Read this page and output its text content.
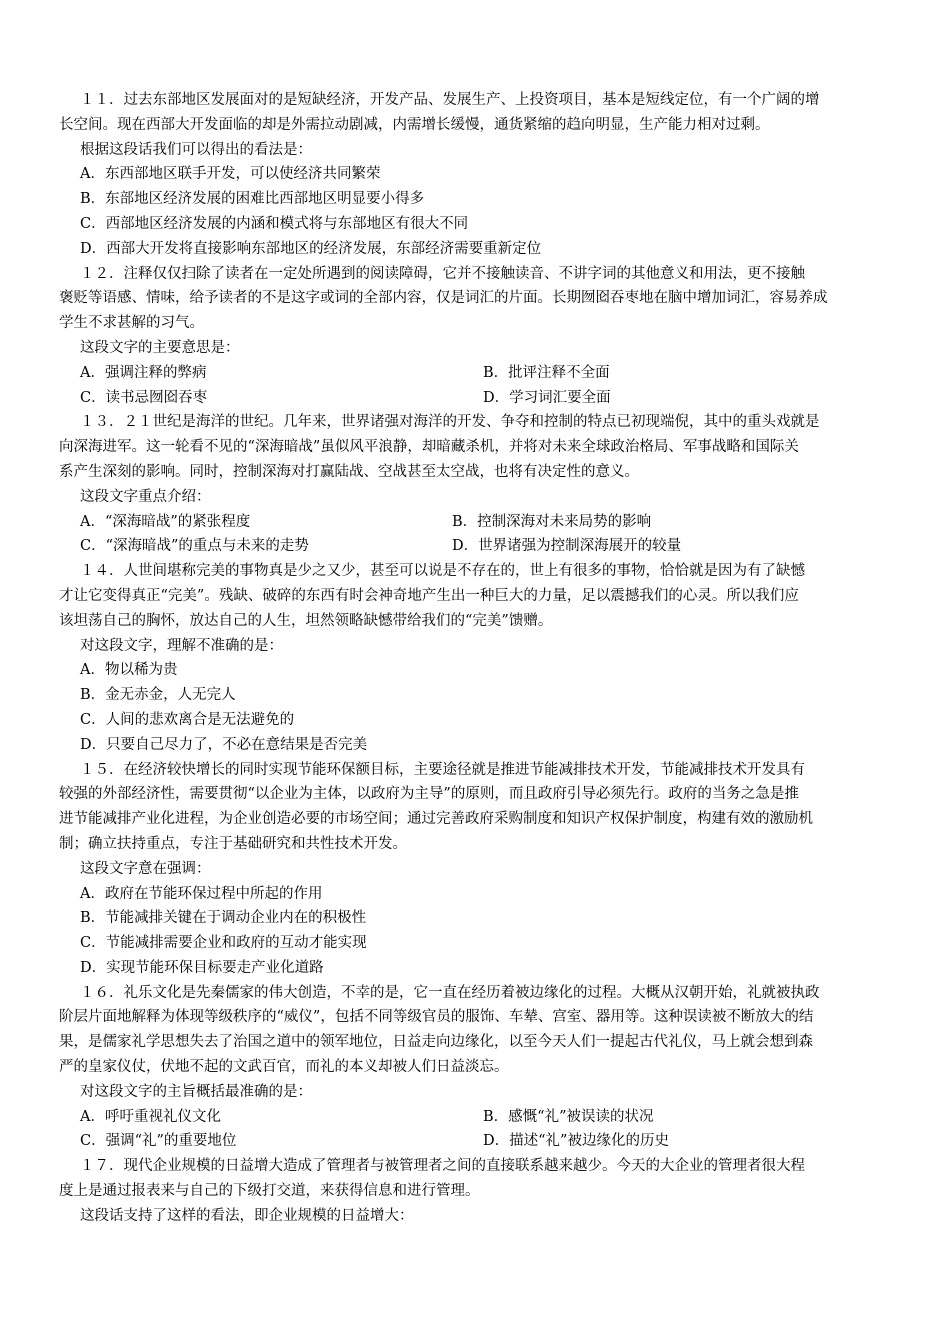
１１．过去东部地区发展面对的是短缺经济，开发产品、发展生产、上投资项目，基本是短线定位，有一个广阔的增
长空间。现在西部大开发面临的却是外需拉动剧减，内需增长缓慢，通货紧缩的趋向明显，生产能力相对过剩。
根据这段话我们可以得出的看法是：
A．东西部地区联手开发，可以使经济共同繁荣
B．东部地区经济发展的困难比西部地区明显要小得多
C．西部地区经济发展的内涵和模式将与东部地区有很大不同
D．西部大开发将直接影响东部地区的经济发展，东部经济需要重新定位
１２．注释仅仅扫除了读者在一定处所遇到的阅读障碍，它并不接触读音、不讲字词的其他意义和用法，更不接触
褒贬等语感、情味，给予读者的不是这字或词的全部内容，仅是词汇的片面。长期囫囵吞枣地在脑中增加词汇，容易养成
学生不求甚解的习气。
这段文字的主要意思是：
A．强调注释的弊病	B．批评注释不全面
C．读书忌囫囵吞枣	D．学习词汇要全面
１３．２１世纪是海洋的世纪。几年来，世界诸强对海洋的开发、争夺和控制的特点已初现端倪，其中的重头戏就是
向深海进军。这一轮看不见的“深海暗战”虽似风平浪静，却暗藏杀机，并将对未来全球政治格局、军事战略和国际关
系产生深刻的影响。同时，控制深海对打赢陆战、空战甚至太空战，也将有决定性的意义。
这段文字重点介绍：
A．“深海暗战”的紧张程度	B．控制深海对未来局势的影响
C．“深海暗战”的重点与未来的走势	D．世界诸强为控制深海展开的较量
１４．人世间堪称完美的事物真是少之又少，甚至可以说是不存在的，世上有很多的事物，恰恰就是因为有了缺憾
才让它变得真正“完美”。残缺、破碎的东西有时会神奇地产生出一种巨大的力量，足以震撼我们的心灵。所以我们应
该坦荡自己的胸怀，放达自己的人生，坦然领略缺憾带给我们的“完美”馈赠。
对这段文字，理解不准确的是：
A．物以稀为贵
B．金无赤金，人无完人
C．人间的悲欢离合是无法避免的
D．只要自己尽力了，不必在意结果是否完美
１５．在经济较快增长的同时实现节能环保额目标，主要途径就是推进节能减排技术开发，节能减排技术开发具有
较强的外部经济性，需要贯彻“以企业为主体，以政府为主导”的原则，而且政府引导必须先行。政府的当务之急是推
进节能减排产业化进程，为企业创造必要的市场空间；通过完善政府采购制度和知识产权保护制度，构建有效的激励机
制；确立扶持重点，专注于基础研究和共性技术开发。
这段文字意在强调：
A．政府在节能环保过程中所起的作用
B．节能减排关键在于调动企业内在的积极性
C．节能减排需要企业和政府的互动才能实现
D．实现节能环保目标要走产业化道路
１６．礼乐文化是先秦儒家的伟大创造，不幸的是，它一直在经历着被边缘化的过程。大概从汉朝开始，礼就被执政
阶层片面地解释为体现等级秩序的“威仪”，包括不同等级官员的服饰、车辇、宫室、器用等。这种误读被不断放大的结
果，是儒家礼学思想失去了治国之道中的领军地位，日益走向边缘化，以至今天人们一提起古代礼仪，马上就会想到森
严的皇家仪仗，伏地不起的文武百官，而礼的本义却被人们日益淡忘。
对这段文字的主旨概括最准确的是：
A．呼吁重视礼仪文化	B．感慨“礼”被误读的状况
C．强调“礼”的重要地位	D．描述“礼”被边缘化的历史
１７．现代企业规模的日益增大造成了管理者与被管理者之间的直接联系越来越少。今天的大企业的管理者很大程
度上是通过报表来与自己的下级打交道，来获得信息和进行管理。
这段话支持了这样的看法，即企业规模的日益增大：
